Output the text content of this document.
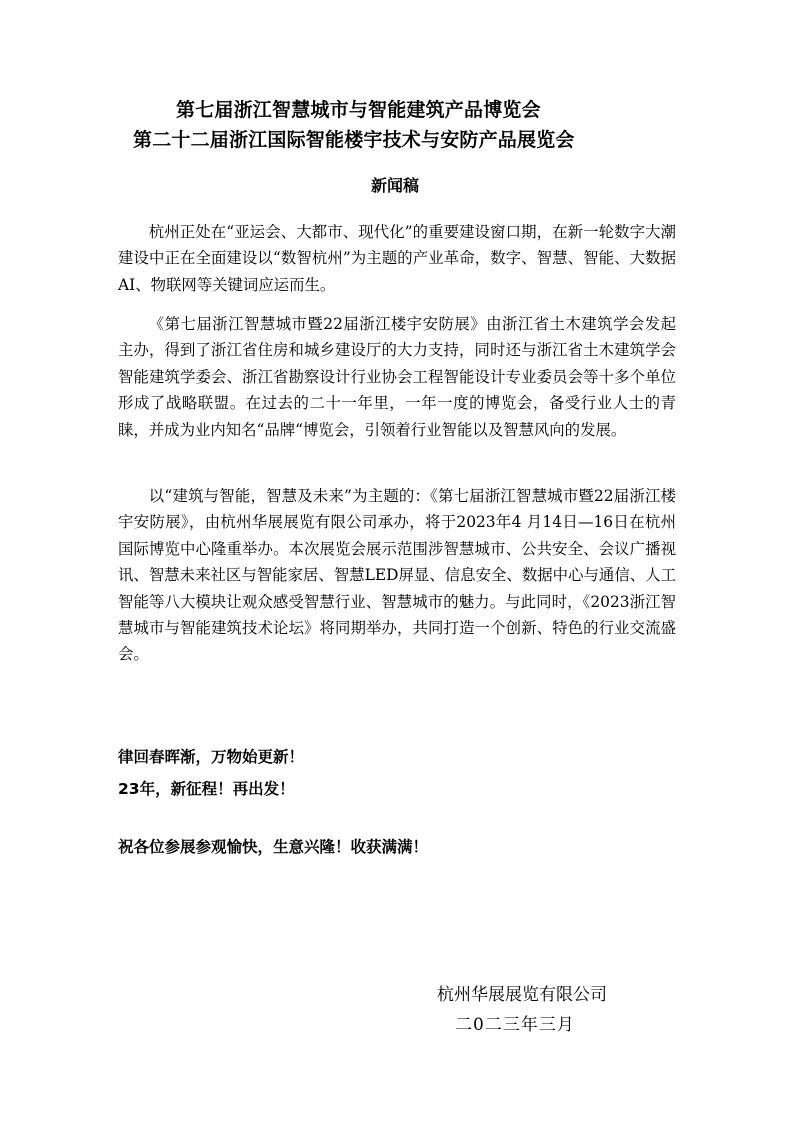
第七届浙江智慧城市与智能建筑产品博览会
第二十二届浙江国际智能楼宇技术与安防产品展览会
新闻稿

杭州正处在“亚运会、大都市、现代化”的重要建设窗口期，在新一轮数字大潮建设中正在全面建设以“数智杭州”为主题的产业革命，数字、智慧、智能、大数据AI、物联网等关键词应运而生。

《第七届浙江智慧城市暨22届浙江楼宇安防展》由浙江省土木建筑学会发起主办，得到了浙江省住房和城乡建设厅的大力支持，同时还与浙江省土木建筑学会智能建筑学委会、浙江省勘察设计行业协会工程智能设计专业委员会等十多个单位形成了战略联盟。在过去的二十一年里，一年一度的博览会，备受行业人士的青睐，并成为业内知名“品牌“博览会，引领着行业智能以及智慧风向的发展。

以“建筑与智能，智慧及未来”为主题的：《第七届浙江智慧城市暨22届浙江楼宇安防展》，由杭州华展展览有限公司承办，将于2023年4 月14日—16日在杭州国际博览中心隆重举办。本次展览会展示范围涉智慧城市、公共安全、会议广播视讯、智慧未来社区与智能家居、智慧LED屏显、信息安全、数据中心与通信、人工智能等八大模块让观众感受智慧行业、智慧城市的魅力。与此同时，《2023浙江智慧城市与智能建筑技术论坛》将同期举办，共同打造一个创新、特色的行业交流盛会。

律回春晖渐，万物始更新！
23年，新征程！再出发！
祝各位参展参观愉快，生意兴隆！收获满满！
杭州华展展览有限公司
二0二三年三月
